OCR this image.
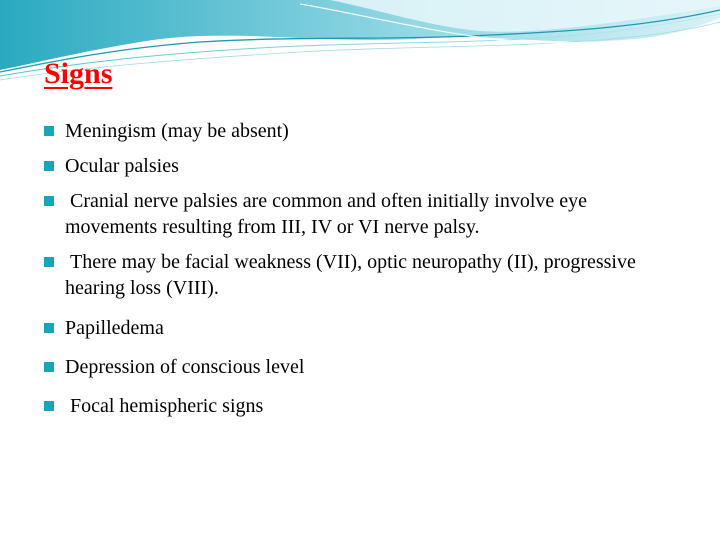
Signs
Meningism (may be absent)
Ocular palsies
Cranial nerve palsies are common and often initially involve eye movements resulting from III, IV or VI nerve palsy.
There may be facial weakness (VII), optic neuropathy (II), progressive hearing loss (VIII).
Papilledema
Depression of conscious level
Focal hemispheric signs
